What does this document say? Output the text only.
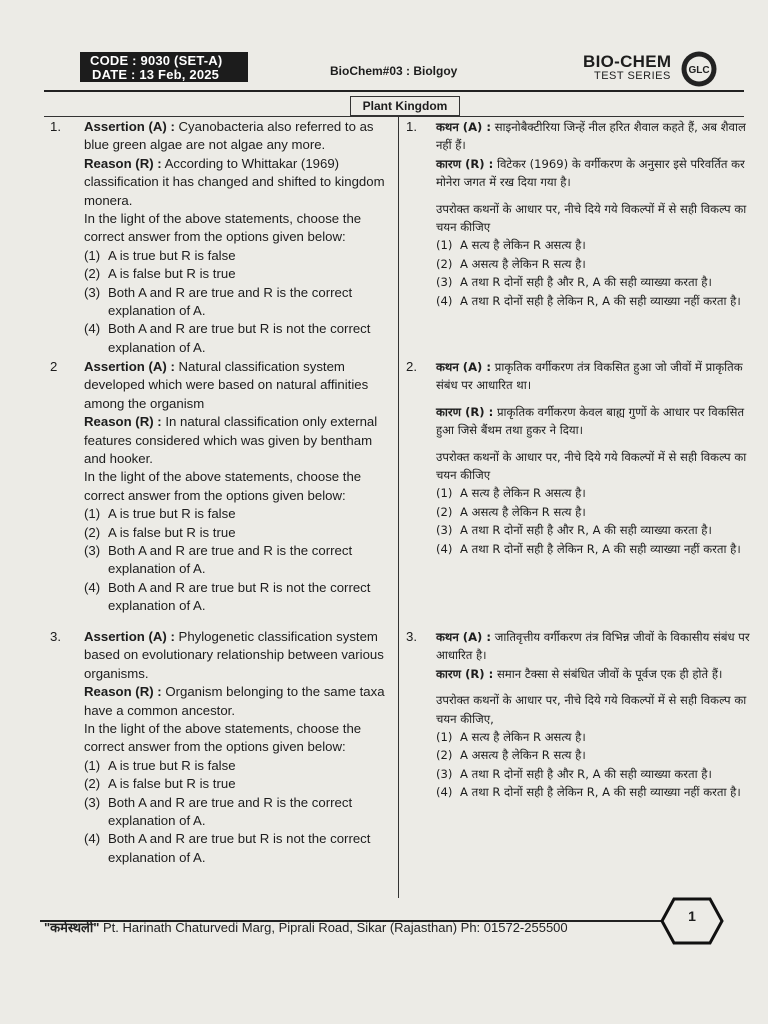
CODE : 9030 (SET-A)
DATE : 13 Feb, 2025	BioChem#03 : Biolgoy	BIO-CHEM
TEST SERIES GLC
Plant Kingdom
1. Assertion (A) : Cyanobacteria also referred to as blue green algae are not algae any more.

Reason (R) : According to Whittakar (1969) classification it has changed and shifted to kingdom monera.

In the light of the above statements, choose the correct answer from the options given below:

(1) A is true but R is false
(2) A is false but R is true
(3) Both A and R are true and R is the correct explanation of A.
(4) Both A and R are true but R is not the correct explanation of A.
2 Assertion (A) : Natural classification system developed which were based on natural affinities among the organism

Reason (R) : In natural classification only external features considered which was given by bentham and hooker.

In the light of the above statements, choose the correct answer from the options given below:

(1) A is true but R is false
(2) A is false but R is true
(3) Both A and R are true and R is the correct explanation of A.
(4) Both A and R are true but R is not the correct explanation of A.
3. Assertion (A) : Phylogenetic classification system based on evolutionary relationship between various organisms.

Reason (R) : Organism belonging to the same taxa have a common ancestor.

In the light of the above statements, choose the correct answer from the options given below:

(1) A is true but R is false
(2) A is false but R is true
(3) Both A and R are true and R is the correct explanation of A.
(4) Both A and R are true but R is not the correct explanation of A.
1. कथन (A) : साइनोबैक्टीरिया जिन्हें नील हरित शैवाल कहते हैं, अब शैवाल नहीं हैं।

कारण (R) : विटेकर (1969) के वर्गीकरण के अनुसार इसे परिवर्तित कर मोनेरा जगत में रख दिया गया है।

उपरोक्त कथनों के आधार पर, नीचे दिये गये विकल्पों में से सही विकल्प का चयन कीजिए

(1) A सत्य है लेकिन R असत्य है।
(2) A असत्य है लेकिन R सत्य है।
(3) A तथा R दोनों सही है और R, A की सही व्याख्या करता है।
(4) A तथा R दोनों सही है लेकिन R, A की सही व्याख्या नहीं करता है।
2. कथन (A) : प्राकृतिक वर्गीकरण तंत्र विकसित हुआ जो जीवों में प्राकृतिक संबंध पर आधारित था।

कारण (R) : प्राकृतिक वर्गीकरण केवल बाह्य गुणों के आधार पर विकसित हुआ जिसे बैंथम तथा हुकर ने दिया।

उपरोक्त कथनों के आधार पर, नीचे दिये गये विकल्पों में से सही विकल्प का चयन कीजिए

(1) A सत्य है लेकिन R असत्य है।
(2) A असत्य है लेकिन R सत्य है।
(3) A तथा R दोनों सही है और R, A की सही व्याख्या करता है।
(4) A तथा R दोनों सही है लेकिन R, A की सही व्याख्या नहीं करता है।
3. कथन (A) : जातिवृत्तीय वर्गीकरण तंत्र विभिन्न जीवों के विकासीय संबंध पर आधारित है।

कारण (R) : समान टैक्सा से संबंधित जीवों के पूर्वज एक ही होते हैं।

उपरोक्त कथनों के आधार पर, नीचे दिये गये विकल्पों में से सही विकल्प का चयन कीजिए,

(1) A सत्य है लेकिन R असत्य है।
(2) A असत्य है लेकिन R सत्य है।
(3) A तथा R दोनों सही है और R, A की सही व्याख्या करता है।
(4) A तथा R दोनों सही है लेकिन R, A की सही व्याख्या नहीं करता है।
"कर्मस्थली" Pt. Harinath Chaturvedi Marg, Piprali Road, Sikar (Rajasthan) Ph: 01572-255500
1
